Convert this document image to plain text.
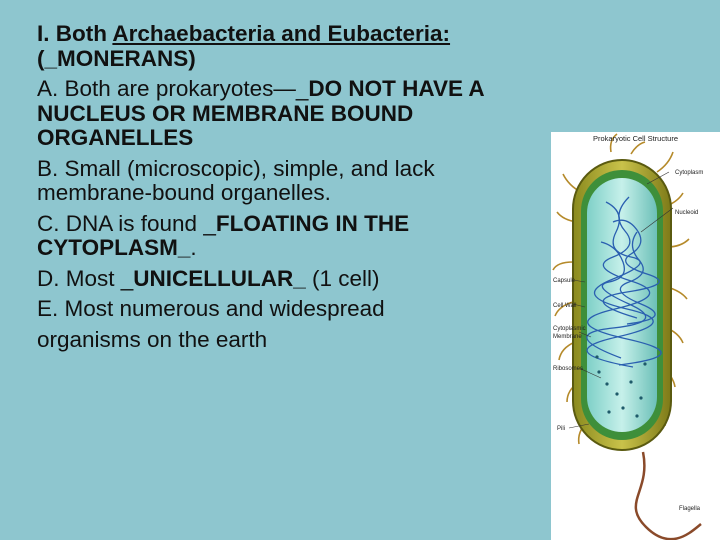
I. Both Archaebacteria and Eubacteria:
(_MONERANS)
A. Both are prokaryotes—_DO NOT HAVE A
NUCLEUS OR MEMBRANE BOUND
ORGANELLES
B. Small (microscopic), simple, and lack
membrane-bound organelles.
C. DNA is found _FLOATING IN THE
CYTOPLASM_.
D. Most _UNICELLULAR_ (1 cell)
E. Most numerous and widespread
organisms on the earth
Prokaryotic Cell Structure
Cytoplasm
Nucleoid
Capsule
Cell Wall
Cytoplasmic
Membrane
Ribosomes
Pili
Flagella
